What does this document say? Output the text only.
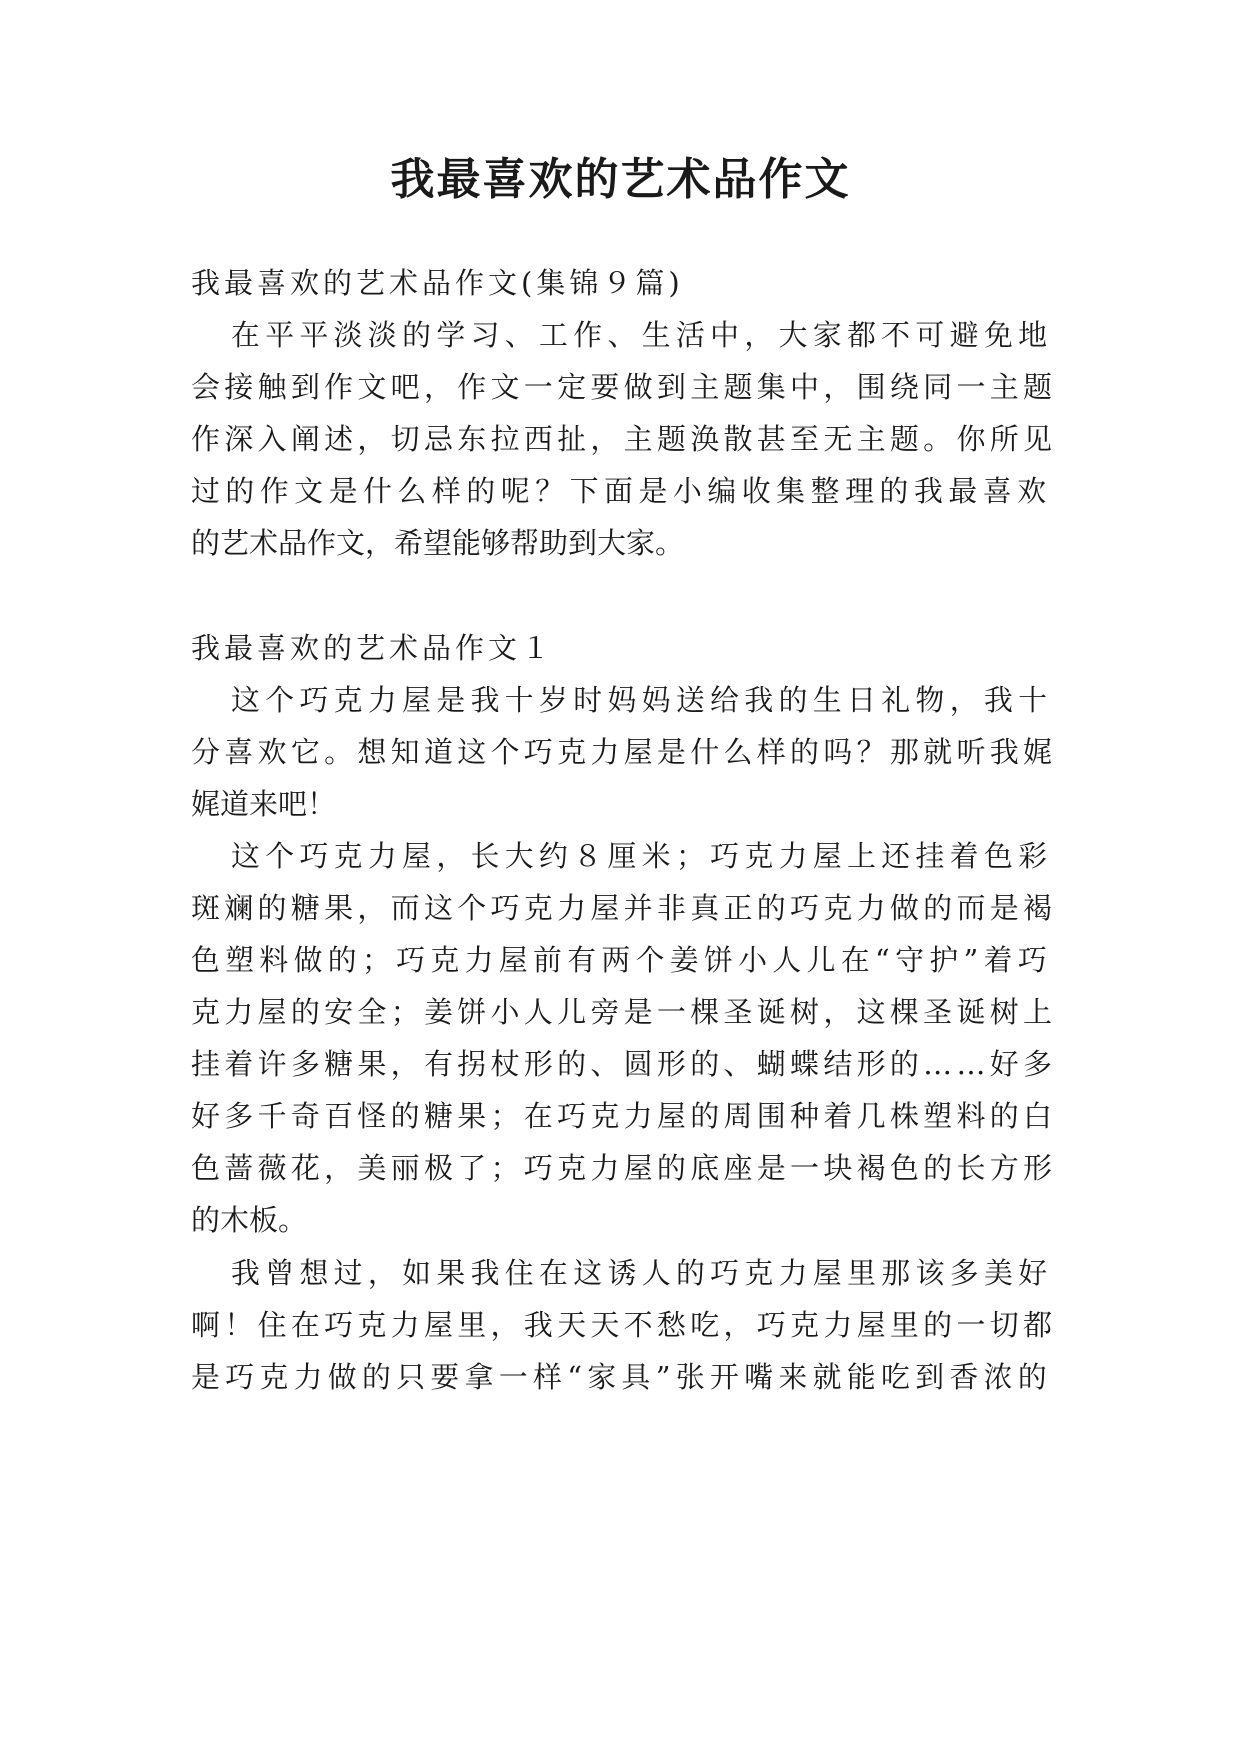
我最喜欢的艺术品作文
我最喜欢的艺术品作文(集锦９篇)
在平平淡淡的学习、工作、生活中，大家都不可避免地
会接触到作文吧，作文一定要做到主题集中，围绕同一主题
作深入阐述，切忌东拉西扯，主题涣散甚至无主题。你所见
过的作文是什么样的呢？下面是小编收集整理的我最喜欢
的艺术品作文，希望能够帮助到大家。
我最喜欢的艺术品作文１
这个巧克力屋是我十岁时妈妈送给我的生日礼物，我十
分喜欢它。想知道这个巧克力屋是什么样的吗？那就听我娓
娓道来吧！
这个巧克力屋，长大约８厘米；巧克力屋上还挂着色彩
斑斓的糖果，而这个巧克力屋并非真正的巧克力做的而是褐
色塑料做的；巧克力屋前有两个姜饼小人儿在“守护”着巧
克力屋的安全；姜饼小人儿旁是一棵圣诞树，这棵圣诞树上
挂着许多糖果，有拐杖形的、圆形的、蝴蝶结形的……好多
好多千奇百怪的糖果；在巧克力屋的周围种着几株塑料的白
色蔷薇花，美丽极了；巧克力屋的底座是一块褐色的长方形
的木板。
我曾想过，如果我住在这诱人的巧克力屋里那该多美好
啊！住在巧克力屋里，我天天不愁吃，巧克力屋里的一切都
是巧克力做的只要拿一样“家具”张开嘴来就能吃到香浓的
